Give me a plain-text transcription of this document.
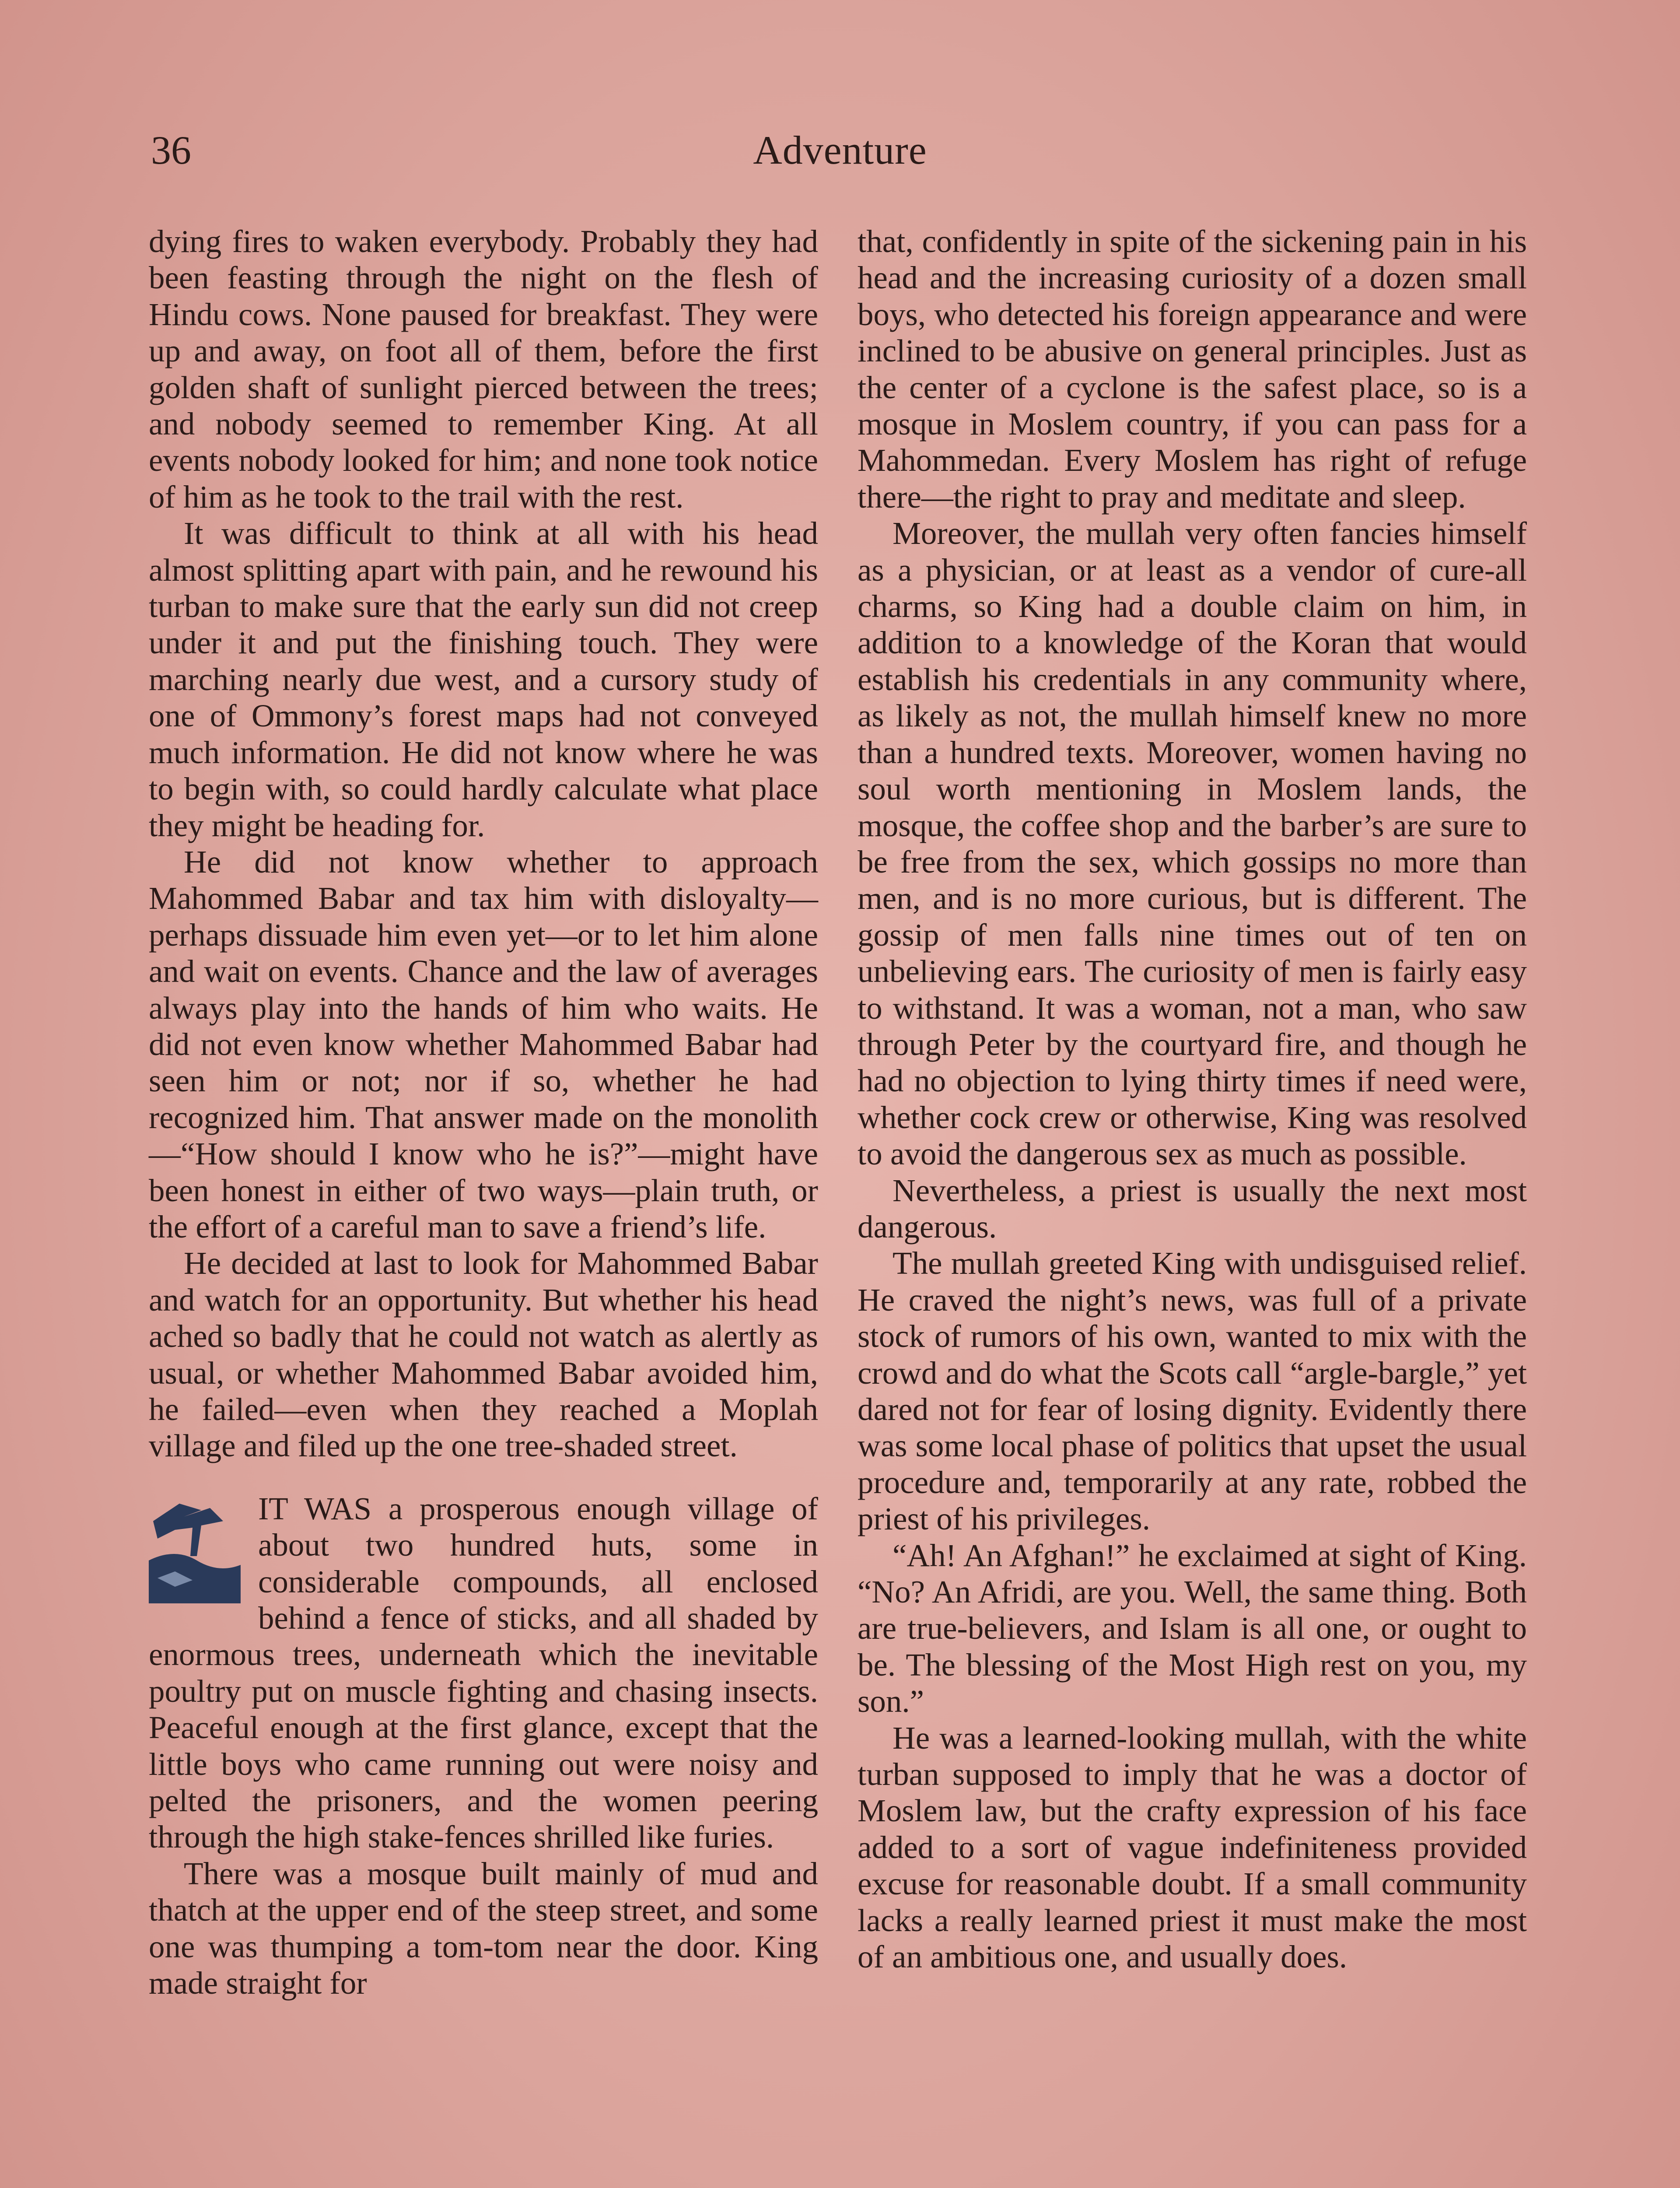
36	Adventure

dying fires to waken everybody. Probably they had been feasting through the night on the flesh of Hindu cows. None paused for breakfast. They were up and away, on foot all of them, before the first golden shaft of sunlight pierced between the trees; and nobody seemed to remember King. At all events nobody looked for him; and none took notice of him as he took to the trail with the rest.

It was difficult to think at all with his head almost splitting apart with pain, and he rewound his turban to make sure that the early sun did not creep under it and put the finishing touch. They were marching nearly due west, and a cursory study of one of Ommony’s forest maps had not conveyed much information. He did not know where he was to begin with, so could hardly calculate what place they might be heading for.

He did not know whether to approach Mahommed Babar and tax him with disloyalty—perhaps dissuade him even yet—or to let him alone and wait on events. Chance and the law of averages always play into the hands of him who waits. He did not even know whether Mahommed Babar had seen him or not; nor if so, whether he had recognized him. That answer made on the monolith—“How should I know who he is?”—might have been honest in either of two ways—plain truth, or the effort of a careful man to save a friend’s life.

He decided at last to look for Mahommed Babar and watch for an opportunity. But whether his head ached so badly that he could not watch as alertly as usual, or whether Mahommed Babar avoided him, he failed—even when they reached a Moplah village and filed up the one tree-shaded street.

IT WAS a prosperous enough village of about two hundred huts, some in considerable compounds, all enclosed behind a fence of sticks, and all shaded by enormous trees, underneath which the inevitable poultry put on muscle fighting and chasing insects. Peaceful enough at the first glance, except that the little boys who came running out were noisy and pelted the prisoners, and the women peering through the high stake-fences shrilled like furies.

There was a mosque built mainly of mud and thatch at the upper end of the steep street, and some one was thumping a tom-tom near the door. King made straight for

that, confidently in spite of the sickening pain in his head and the increasing curiosity of a dozen small boys, who detected his foreign appearance and were inclined to be abusive on general principles. Just as the center of a cyclone is the safest place, so is a mosque in Moslem country, if you can pass for a Mahommedan. Every Moslem has right of refuge there—the right to pray and meditate and sleep.

Moreover, the mullah very often fancies himself as a physician, or at least as a vendor of cure-all charms, so King had a double claim on him, in addition to a knowledge of the Koran that would establish his credentials in any community where, as likely as not, the mullah himself knew no more than a hundred texts. Moreover, women having no soul worth mentioning in Moslem lands, the mosque, the coffee shop and the barber’s are sure to be free from the sex, which gossips no more than men, and is no more curious, but is different. The gossip of men falls nine times out of ten on unbelieving ears. The curiosity of men is fairly easy to withstand. It was a woman, not a man, who saw through Peter by the courtyard fire, and though he had no objection to lying thirty times if need were, whether cock crew or otherwise, King was resolved to avoid the dangerous sex as much as possible.

Nevertheless, a priest is usually the next most dangerous.

The mullah greeted King with undisguised relief. He craved the night’s news, was full of a private stock of rumors of his own, wanted to mix with the crowd and do what the Scots call “argle-bargle,” yet dared not for fear of losing dignity. Evidently there was some local phase of politics that upset the usual procedure and, temporarily at any rate, robbed the priest of his privileges.

“Ah! An Afghan!” he exclaimed at sight of King. “No? An Afridi, are you. Well, the same thing. Both are true-believers, and Islam is all one, or ought to be. The blessing of the Most High rest on you, my son.”

He was a learned-looking mullah, with the white turban supposed to imply that he was a doctor of Moslem law, but the crafty expression of his face added to a sort of vague indefiniteness provided excuse for reasonable doubt. If a small community lacks a really learned priest it must make the most of an ambitious one, and usually does.
